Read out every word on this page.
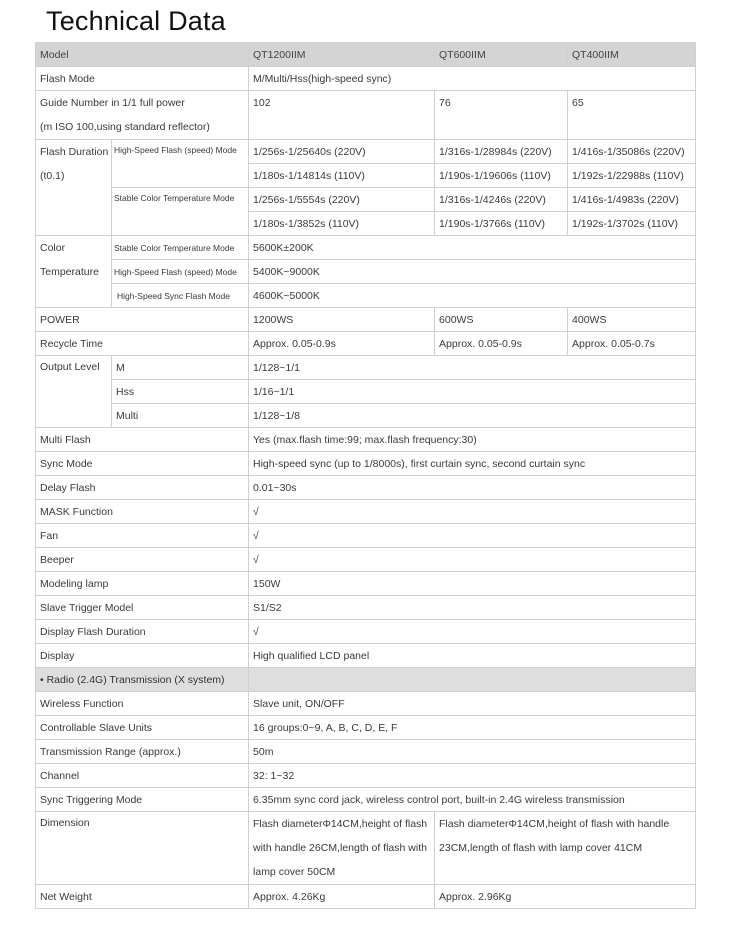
Technical Data
Model		QT1200IIM	QT600IIM	QT400IIM
Flash Mode		M/Multi/Hss(high-speed sync)		

Guide Number in 1/1 full power
(m ISO 100,using standard reflector)		102	76	65

Flash Duration
(t0.1)	High-Speed Flash (speed) Mode	1/256s-1/25640s (220V)	1/316s-1/28984s (220V)	1/416s-1/35086s (220V)
		1/180s-1/14814s (110V)	1/190s-1/19606s (110V)	1/192s-1/22988s (110V)
	Stable Color Temperature Mode	1/256s-1/5554s (220V)	1/316s-1/4246s (220V)	1/416s-1/4983s (220V)
		1/180s-1/3852s (110V)	1/190s-1/3766s (110V)	1/192s-1/3702s (110V)

Color
Temperature	Stable Color Temperature Mode	5600K±200K		
	High-Speed Flash (speed) Mode	5400K~9000K		
	High-Speed Sync Flash Mode	4600K~5000K		
POWER		1200WS	600WS	400WS
Recycle Time		Approx. 0.05-0.9s	Approx. 0.05-0.9s	Approx. 0.05-0.7s
Output Level	M	1/128~1/1		
	Hss	1/16~1/1		
	Multi	1/128~1/8		
Multi Flash		Yes (max.flash time:99; max.flash frequency:30)		
Sync Mode		High-speed sync (up to 1/8000s), first curtain sync, second curtain sync		
Delay Flash		0.01~30s		
MASK Function		√		
Fan		√		
Beeper		√		
Modeling lamp		150W		
Slave Trigger Model		S1/S2		
Display Flash Duration		√		
Display		High qualified LCD panel		
• Radio (2.4G) Transmission (X system)				
Wireless Function		Slave unit, ON/OFF		
Controllable Slave Units		16 groups:0~9, A, B, C, D, E, F		
Transmission Range (approx.)		50m		
Channel		32: 1~32		
Sync Triggering Mode		6.35mm sync cord jack, wireless control port, built-in 2.4G wireless transmission		
Dimension		Flash diameterΦ14CM,height of flash with handle 26CM,length of flash with lamp cover 50CM	Flash diameterΦ14CM,height of flash with handle 23CM,length of flash with lamp cover 41CM	
Net Weight		Approx. 4.26Kg	Approx. 2.96Kg	
